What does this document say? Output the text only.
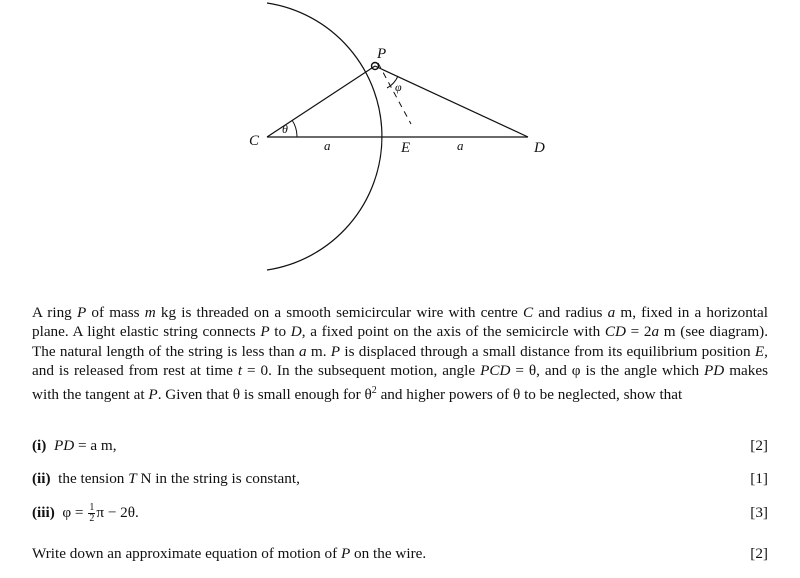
P
C	E	D
a	a
θ
φ

A ring P of mass m kg is threaded on a smooth semicircular wire with centre C and radius a m, fixed in a horizontal plane. A light elastic string connects P to D, a fixed point on the axis of the semicircle with CD = 2a m (see diagram). The natural length of the string is less than a m. P is displaced through a small distance from its equilibrium position E, and is released from rest at time t = 0. In the subsequent motion, angle PCD = θ, and φ is the angle which PD makes with the tangent at P. Given that θ is small enough for $\theta^2$ and higher powers of θ to be neglected, show that

(i) PD = a m,	[2]
(ii) the tension T N in the string is constant,	[1]
(iii) $\varphi = \frac{1}{2}$ π − 2θ.	[3]
Write down an approximate equation of motion of P on the wire.	[2]
